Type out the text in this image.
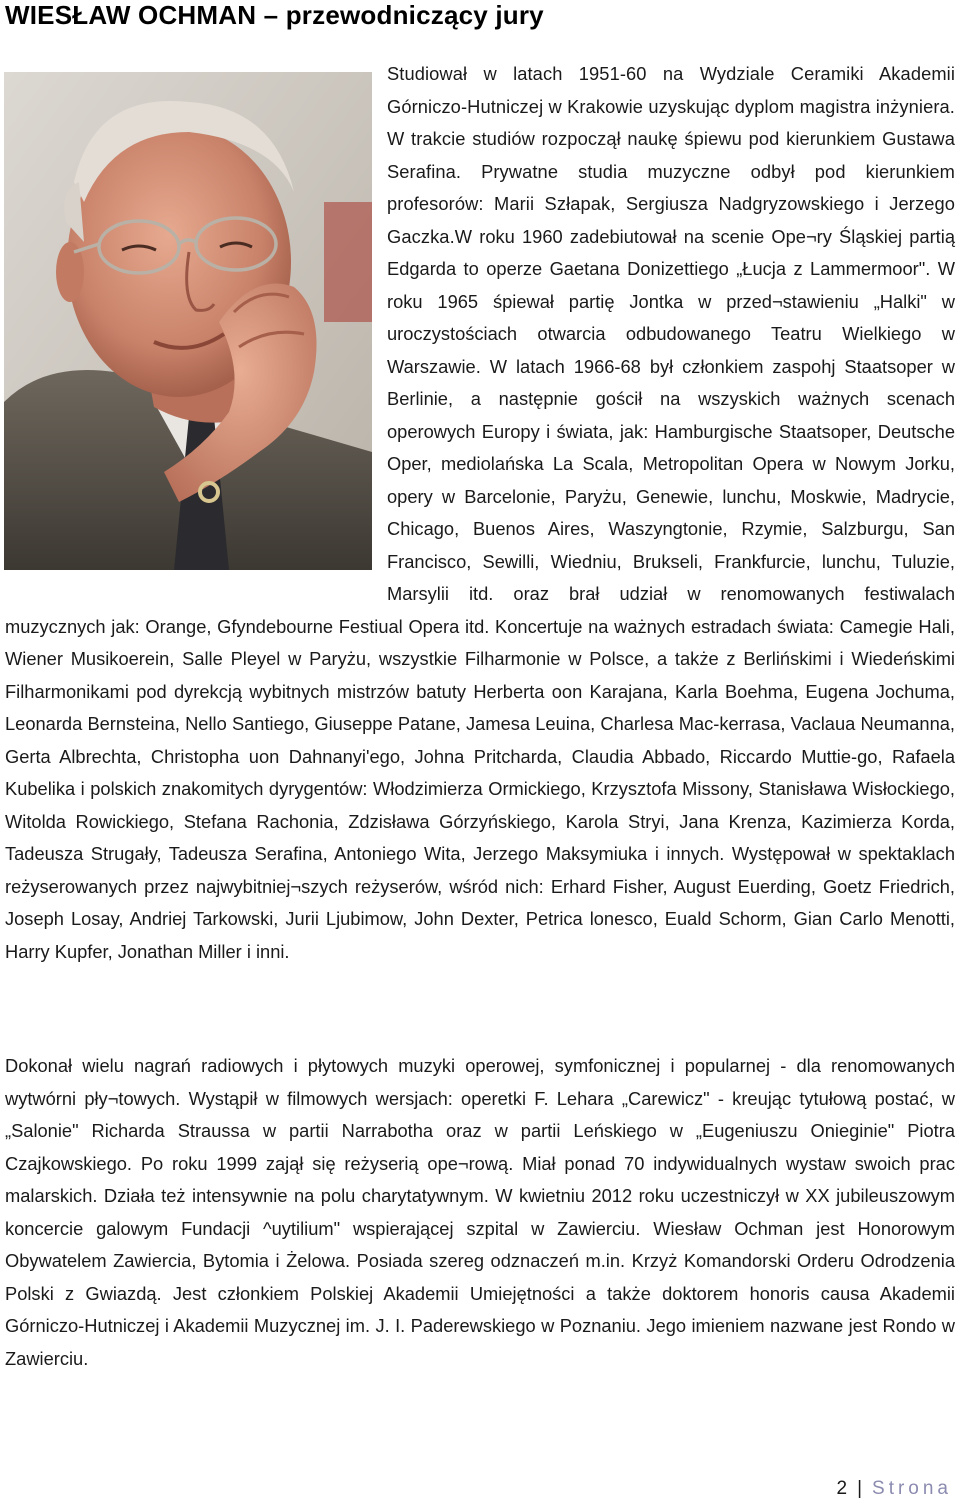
WIESŁAW OCHMAN – przewodniczący jury

Studiował w latach 1951-60 na Wydziale Ceramiki Akademii Górniczo-Hutniczej w Krakowie uzyskując dyplom magistra inżyniera. W trakcie studiów rozpoczął naukę śpiewu pod kierunkiem Gustawa Serafina. Prywatne studia muzyczne odbył pod kierunkiem profesorów: Marii Szłapak, Sergiusza Nadgryzowskiego i Jerzego Gaczka.W roku 1960 zadebiutował na scenie Ope¬ry Śląskiej partią Edgarda to operze Gaetana Donizettiego „Łucja z Lammermoor". W roku 1965 śpiewał partię Jontka w przed¬stawieniu „Halki" w uroczystościach otwarcia odbudowanego Teatru Wielkiego w Warszawie. W latach 1966-68 był członkiem zaspohj Staatsoper w Berlinie, a następnie gościł na wszyskich ważnych scenach operowych Europy i świata, jak: Hamburgische Staatsoper, Deutsche Oper, mediolańska La Scala, Metropolitan Opera w Nowym Jorku, opery w Barcelonie, Paryżu, Genewie, lunchu, Moskwie, Madrycie, Chicago, Buenos Aires, Waszyngtonie, Rzymie, Salzburgu, San Francisco, Sewilli, Wiedniu, Brukseli, Frankfurcie, lunchu, Tuluzie, Marsylii itd. oraz brał udział w renomowanych festiwalach muzycznych jak: Orange, Gfyndebourne Festiual Opera itd. Koncertuje na ważnych estradach świata: Camegie Hali, Wiener Musikoerein, Salle Pleyel w Paryżu, wszystkie Filharmonie w Polsce, a także z Berlińskimi i Wiedeńskimi Filharmonikami pod dyrekcją wybitnych mistrzów batuty Herberta oon Karajana, Karla Boehma, Eugena Jochuma, Leonarda Bernsteina, Nello Santiego, Giuseppe Patane, Jamesa Leuina, Charlesa Mac-kerrasa, Vaclaua Neumanna, Gerta Albrechta, Christopha uon Dahnanyi'ego, Johna Pritcharda, Claudia Abbado, Riccardo Muttie-go, Rafaela Kubelika i polskich znakomitych dyrygentów: Włodzimierza Ormickiego, Krzysztofa Missony, Stanisława Wisłockiego, Witolda Rowickiego, Stefana Rachonia, Zdzisława Górzyńskiego, Karola Stryi, Jana Krenza, Kazimierza Korda, Tadeusza Strugały, Tadeusza Serafina, Antoniego Wita, Jerzego Maksymiuka i innych. Występował w spektaklach reżyserowanych przez najwybitniej¬szych reżyserów, wśród nich: Erhard Fisher, August Euerding, Goetz Friedrich, Joseph Losay, Andriej Tarkowski, Jurii Ljubimow, John Dexter, Petrica lonesco, Euald Schorm, Gian Carlo Menotti, Harry Kupfer, Jonathan Miller i inni.

Dokonał wielu nagrań radiowych i płytowych muzyki operowej, symfonicznej i popularnej - dla renomowanych wytwórni pły¬towych. Wystąpił w filmowych wersjach: operetki F. Lehara „Carewicz" - kreując tytułową postać, w „Salonie" Richarda Straussa w partii Narrabotha oraz w partii Leńskiego w „Eugeniuszu Onieginie" Piotra Czajkowskiego. Po roku 1999 zajął się reżyserią ope¬rową. Miał ponad 70 indywidualnych wystaw swoich prac malarskich. Działa też intensywnie na polu charytatywnym. W kwietniu 2012 roku uczestniczył w XX jubileuszowym koncercie galowym Fundacji ^uytilium" wspierającej szpital w Zawierciu. Wiesław Ochman jest Honorowym Obywatelem Zawiercia, Bytomia i Żelowa. Posiada szereg odznaczeń m.in. Krzyż Komandorski Orderu Odrodzenia Polski z Gwiazdą. Jest członkiem Polskiej Akademii Umiejętności a także doktorem honoris causa Akademii Górniczo-Hutniczej i Akademii Muzycznej im. J. I. Paderewskiego w Poznaniu. Jego imieniem nazwane jest Rondo w Zawierciu.

2 | Strona
